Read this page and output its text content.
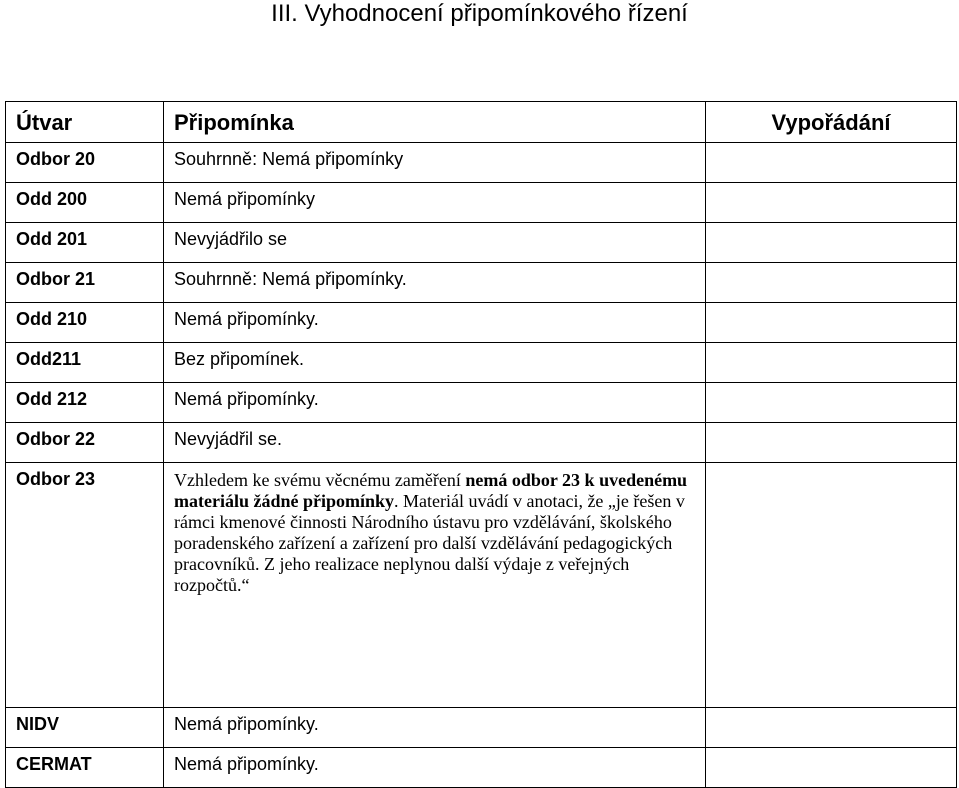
III. Vyhodnocení připomínkového řízení
Útvar	Připomínka	Vypořádání
Odbor 20	Souhrnně: Nemá připomínky	
Odd 200	Nemá připomínky	
Odd 201	Nevyjádřilo se	
Odbor 21	Souhrnně: Nemá připomínky.	
Odd 210	Nemá připomínky.	
Odd211	Bez připomínek.	
Odd 212	Nemá připomínky.	
Odbor 22	Nevyjádřil se.	
Odbor 23	Vzhledem ke svému věcnému zaměření nemá odbor 23 k uvedenému materiálu žádné připomínky. Materiál uvádí v anotaci, že „je řešen v rámci kmenové činnosti Národního ústavu pro vzdělávání, školského poradenského zařízení a zařízení pro další vzdělávání pedagogických pracovníků. Z jeho realizace neplynou další výdaje z veřejných rozpočtů.“	
NIDV	Nemá připomínky.	
CERMAT	Nemá připomínky.	
